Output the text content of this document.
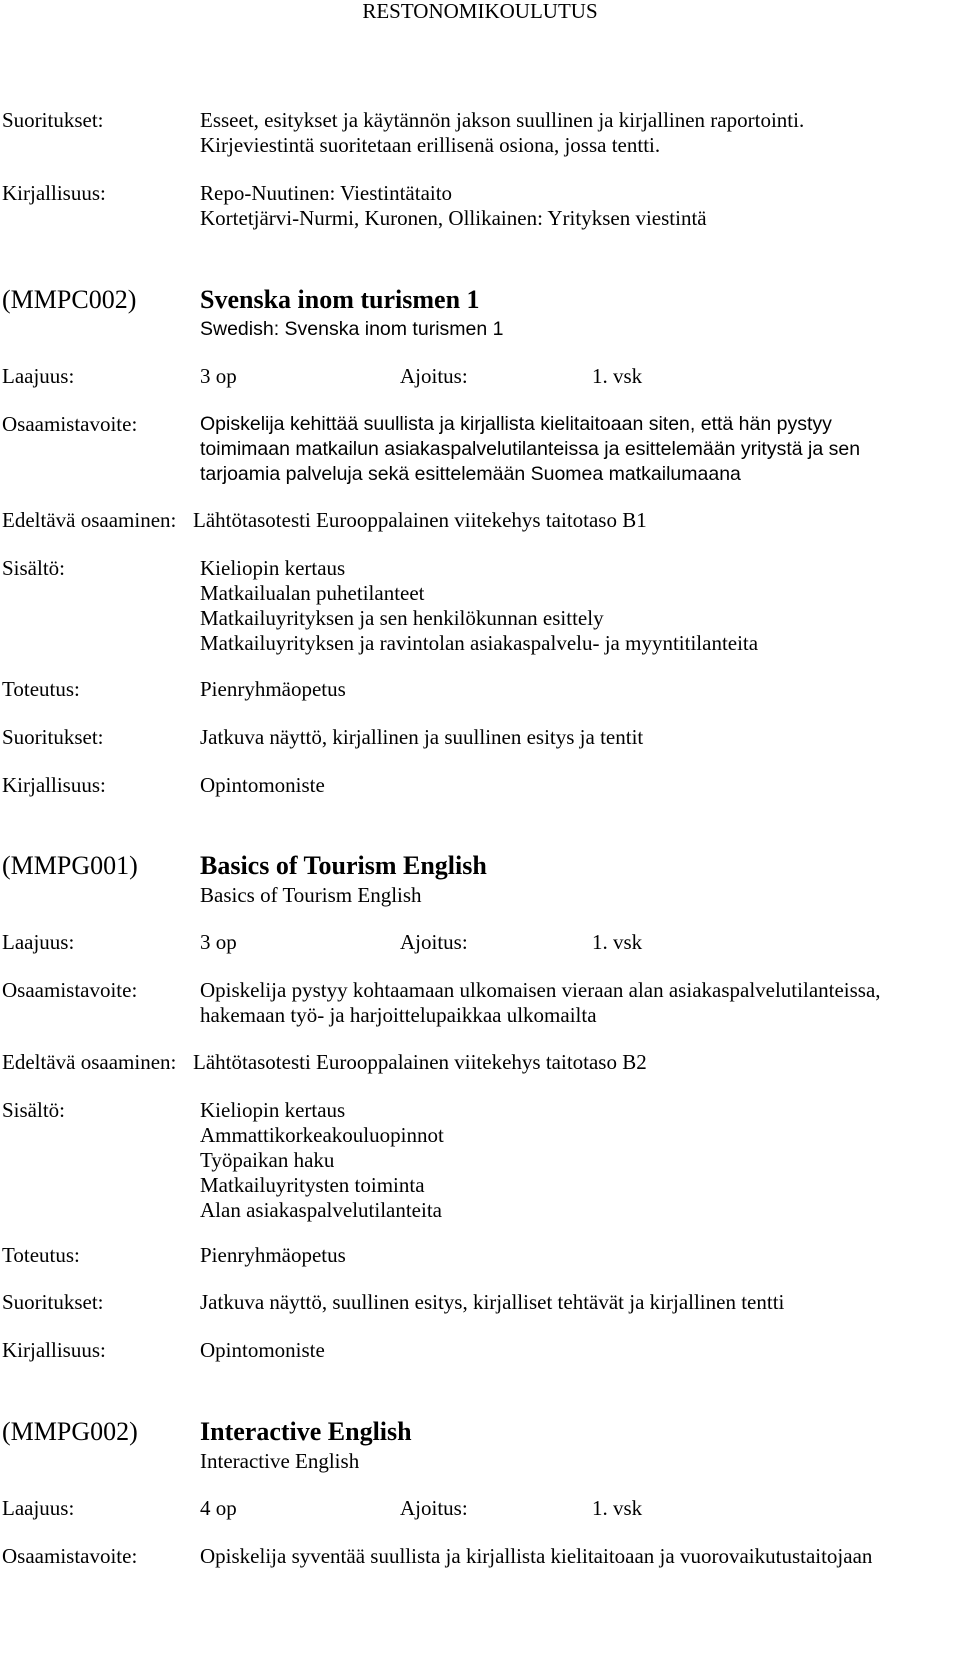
RESTONOMIKOULUTUS
Suoritukset:	Esseet, esitykset ja käytännön jakson suullinen ja kirjallinen raportointi.
Kirjeviestintä suoritetaan erillisenä osiona, jossa tentti.
Kirjallisuus:	Repo-Nuutinen: Viestintätaito
Kortetjärvi-Nurmi, Kuronen, Ollikainen: Yrityksen viestintä
(MMPC002) Svenska inom turismen 1
Swedish: Svenska inom turismen 1
Laajuus:	3 op	Ajoitus:	1. vsk
Osaamistavoite:	Opiskelija kehittää suullista ja kirjallista kielitaitoaan siten, että hän pystyy
toimimaan matkailun asiakaspalvelutilanteissa ja esittelemään yritystä ja sen
tarjoamia palveluja sekä esittelemään Suomea matkailumaana
Edeltävä osaaminen: Lähtötasotesti Eurooppalainen viitekehys taitotaso B1
Sisältö:	Kieliopin kertaus
Matkailualan puhetilanteet
Matkailuyrityksen ja sen henkilökunnan esittely
Matkailuyrityksen ja ravintolan asiakaspalvelu- ja myyntitilanteita
Toteutus:	Pienryhmäopetus
Suoritukset:	Jatkuva näyttö, kirjallinen ja suullinen esitys ja tentit
Kirjallisuus:	Opintomoniste
(MMPG001) Basics of Tourism English
Basics of Tourism English
Laajuus:	3 op	Ajoitus:	1. vsk
Osaamistavoite:	Opiskelija pystyy kohtaamaan ulkomaisen vieraan alan asiakaspalvelutilanteissa,
hakemaan työ- ja harjoittelupaikkaa ulkomailta
Edeltävä osaaminen: Lähtötasotesti Eurooppalainen viitekehys taitotaso B2
Sisältö:	Kieliopin kertaus
Ammattikorkeakouluopinnot
Työpaikan haku
Matkailuyritysten toiminta
Alan asiakaspalvelutilanteita
Toteutus:	Pienryhmäopetus
Suoritukset:	Jatkuva näyttö, suullinen esitys, kirjalliset tehtävät ja kirjallinen tentti
Kirjallisuus:	Opintomoniste
(MMPG002) Interactive English
Interactive English
Laajuus:	4 op	Ajoitus:	1. vsk
Osaamistavoite:	Opiskelija syventää suullista ja kirjallista kielitaitoaan ja vuorovaikutustaitojaan
